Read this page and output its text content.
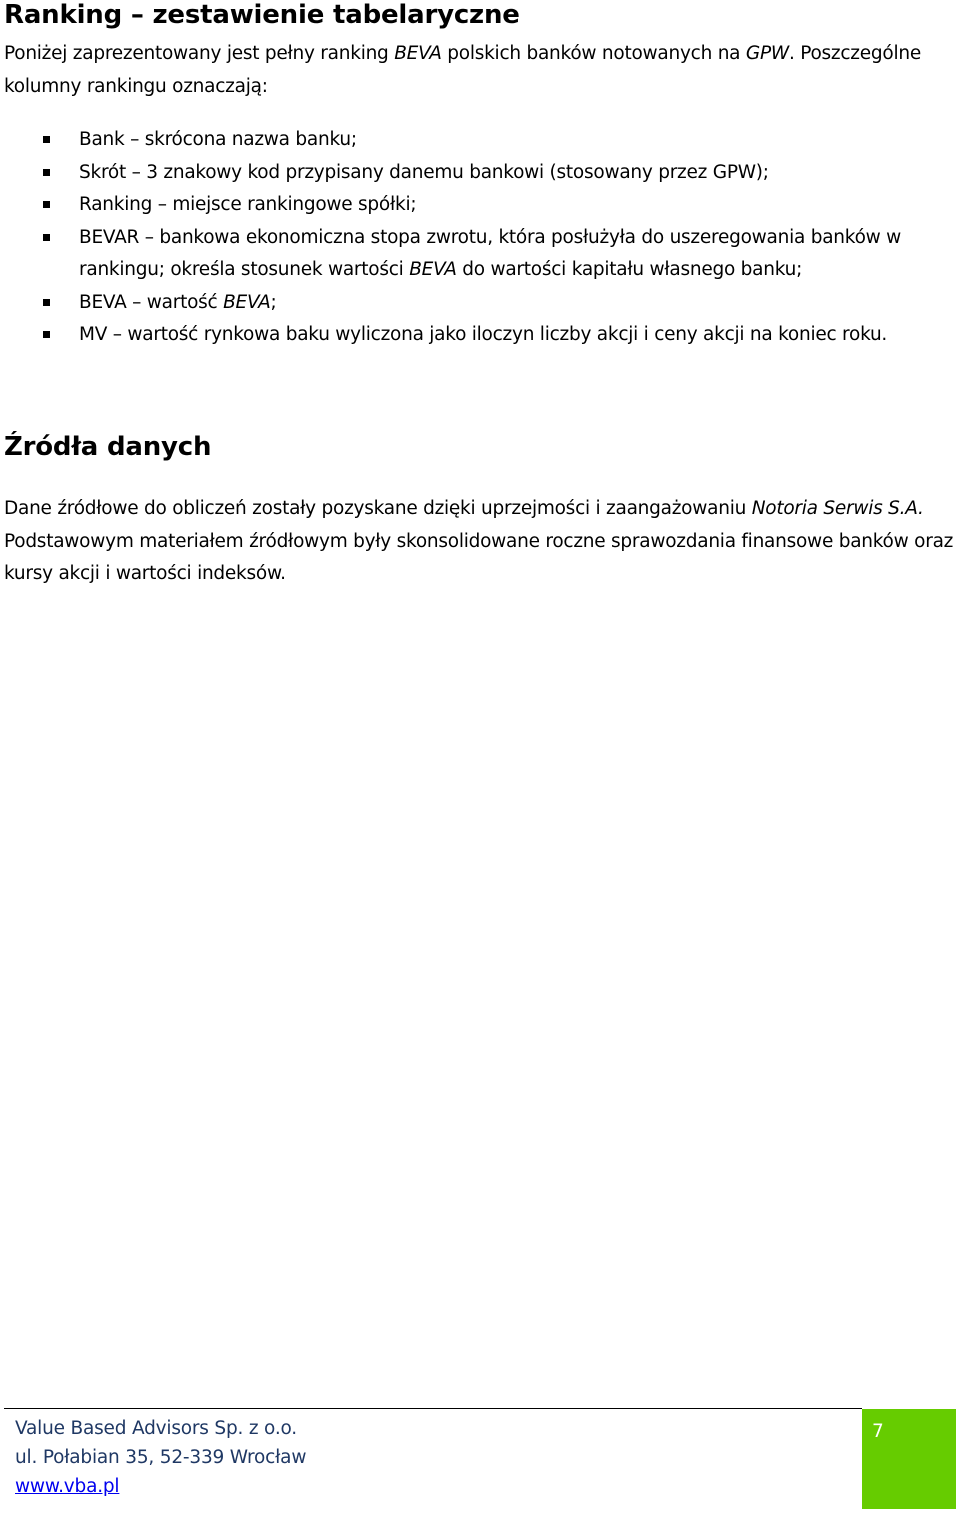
Ranking – zestawienie tabelaryczne

Poniżej zaprezentowany jest pełny ranking BEVA polskich banków notowanych na GPW. Poszczególne kolumny rankingu oznaczają:

Bank – skrócona nazwa banku;
Skrót – 3 znakowy kod przypisany danemu bankowi (stosowany przez GPW);
Ranking – miejsce rankingowe spółki;
BEVAR – bankowa ekonomiczna stopa zwrotu, która posłużyła do uszeregowania banków w rankingu; określa stosunek wartości BEVA do wartości kapitału własnego banku;
BEVA – wartość BEVA;
MV – wartość rynkowa baku wyliczona jako iloczyn liczby akcji i ceny akcji na koniec roku.
Źródła danych

Dane źródłowe do obliczeń zostały pozyskane dzięki uprzejmości i zaangażowaniu Notoria Serwis S.A. Podstawowym materiałem źródłowym były skonsolidowane roczne sprawozdania finansowe banków oraz kursy akcji i wartości indeksów.

Value Based Advisors Sp. z o.o.
ul. Połabian 35, 52-339 Wrocław
www.vba.pl
7
